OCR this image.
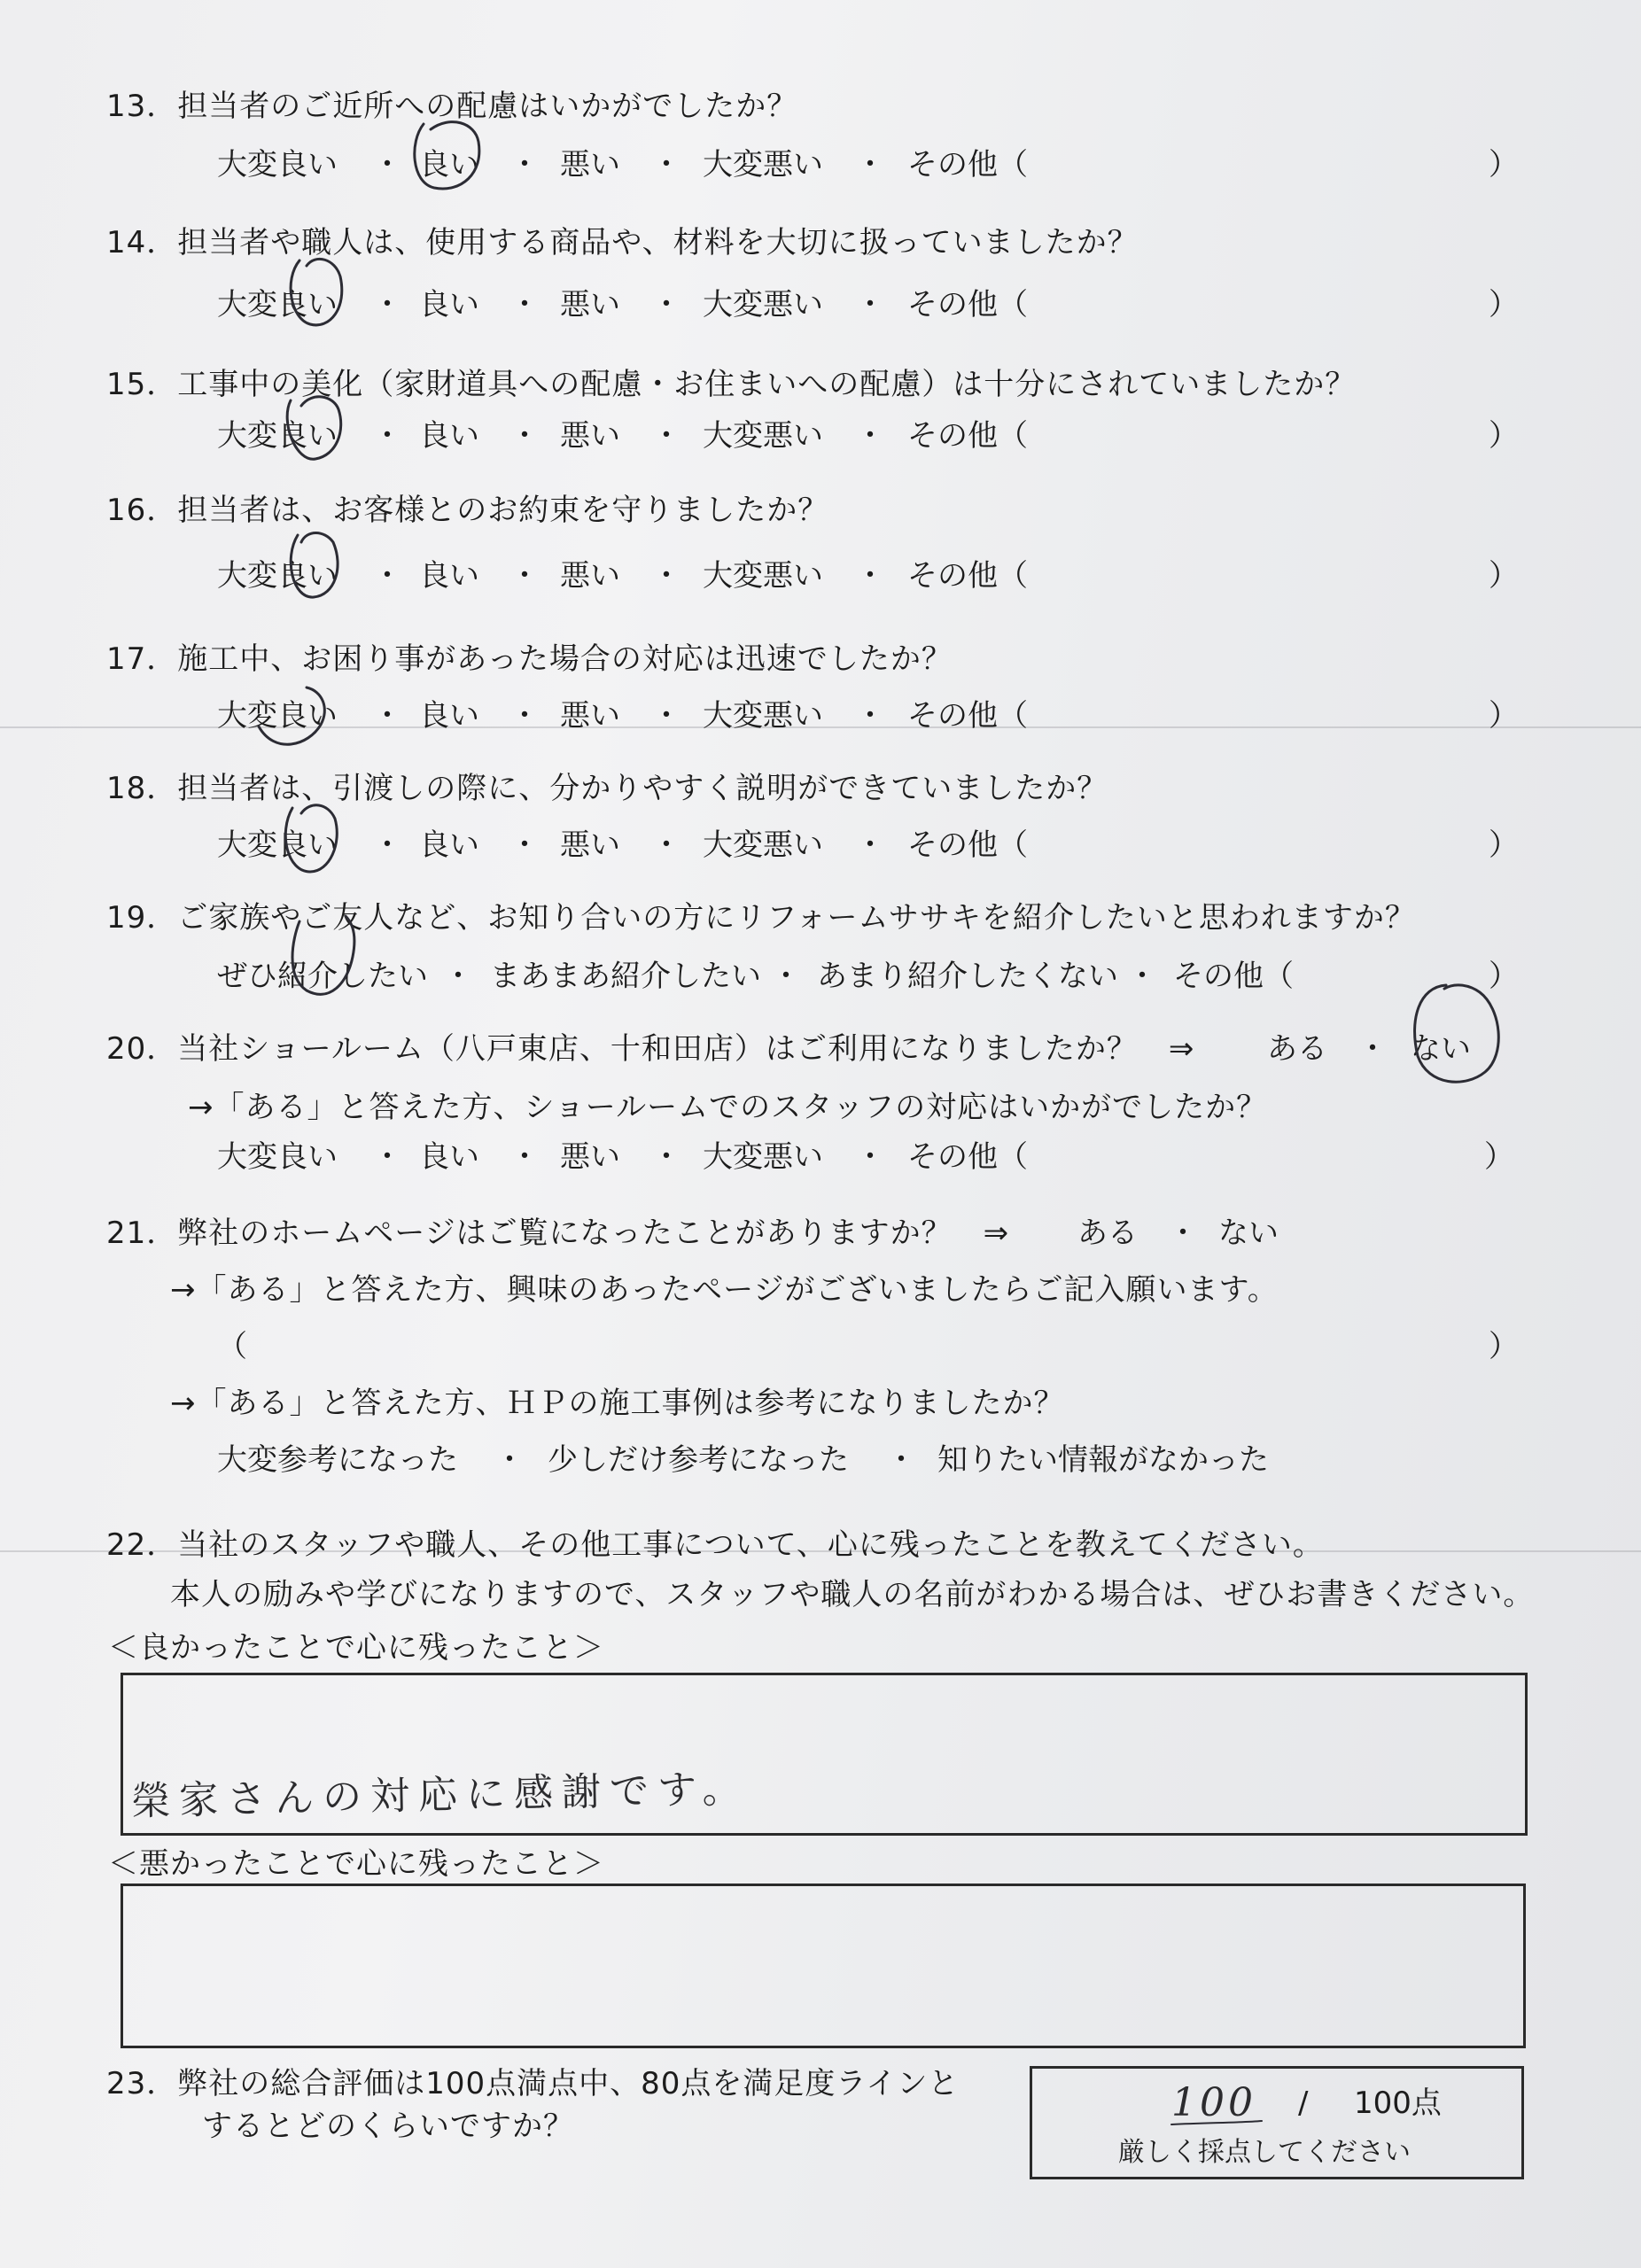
13．担当者のご近所への配慮はいかがでしたか？
大変良い ・ 良い ・ 悪い ・ 大変悪い ・ その他（	）
14．担当者や職人は、使用する商品や、材料を大切に扱っていましたか？
大変良い ・ 良い ・ 悪い ・ 大変悪い ・ その他（	）
15．工事中の美化（家財道具への配慮・お住まいへの配慮）は十分にされていましたか？
大変良い ・ 良い ・ 悪い ・ 大変悪い ・ その他（	）
16．担当者は、お客様とのお約束を守りましたか？
大変良い ・ 良い ・ 悪い ・ 大変悪い ・ その他（	）
17．施工中、お困り事があった場合の対応は迅速でしたか？
大変良い ・ 良い ・ 悪い ・ 大変悪い ・ その他（	）
18．担当者は、引渡しの際に、分かりやすく説明ができていましたか？
大変良い ・ 良い ・ 悪い ・ 大変悪い ・ その他（	）
19．ご家族やご友人など、お知り合いの方にリフォームササキを紹介したいと思われますか？
ぜひ紹介したい ・ まあまあ紹介したい ・ あまり紹介したくない ・ その他（	）
20．当社ショールーム（八戸東店、十和田店）はご利用になりましたか？　⇒ ある ・ ない
→「ある」と答えた方、ショールームでのスタッフの対応はいかがでしたか？
大変良い ・ 良い ・ 悪い ・ 大変悪い ・ その他（	）
21．弊社のホームページはご覧になったことがありますか？　⇒ ある ・ ない
→「ある」と答えた方、興味のあったページがございましたらご記入願います。
（	）
→「ある」と答えた方、ＨＰの施工事例は参考になりましたか？
大変参考になった ・ 少しだけ参考になった ・ 知りたい情報がなかった
22．当社のスタッフや職人、その他工事について、心に残ったことを教えてください。
本人の励みや学びになりますので、スタッフや職人の名前がわかる場合は、ぜひお書きください。
＜良かったことで心に残ったこと＞
榮家さんの対応に感謝です。
＜悪かったことで心に残ったこと＞
23．弊社の総合評価は100点満点中、80点を満足度ラインと
するとどのくらいですか？
100 / 100点
厳しく採点してください
